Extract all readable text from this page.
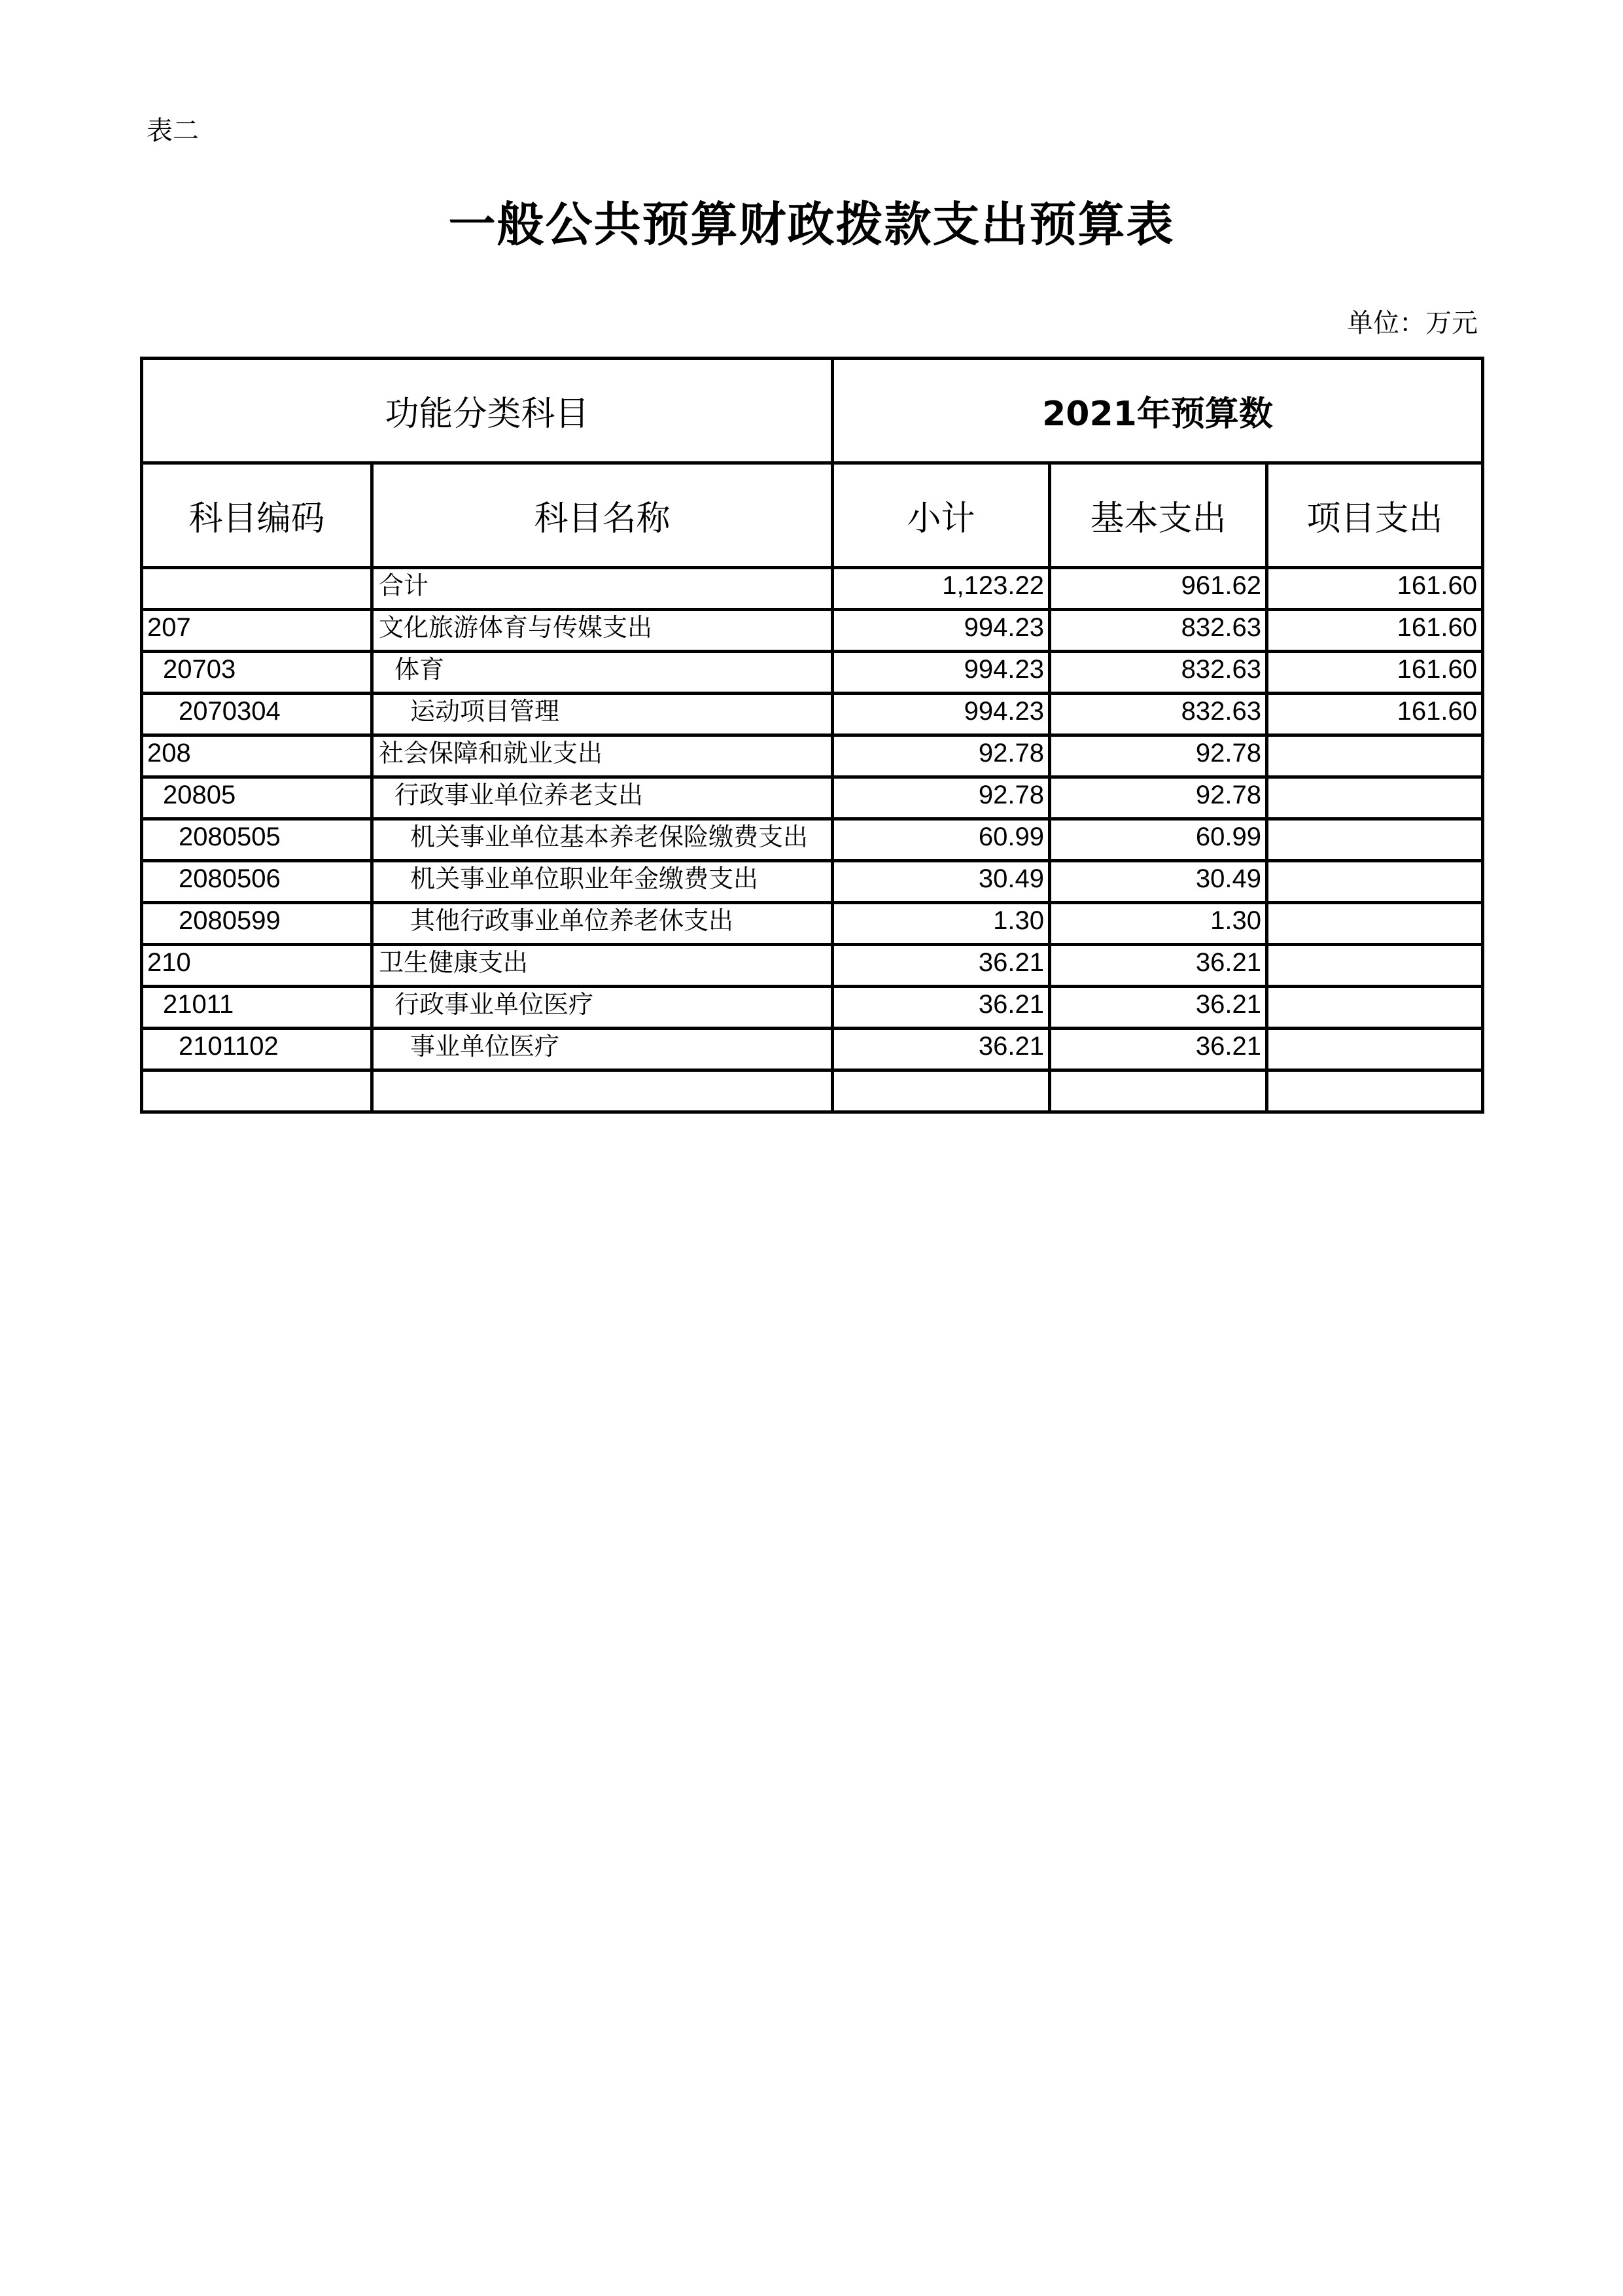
表二
一般公共预算财政拨款支出预算表
单位：万元
功能分类科目		2021年预算数		
科目编码	科目名称	小计	基本支出	项目支出
	合计	1,123.22	961.62	161.60
207	文化旅游体育与传媒支出	994.23	832.63	161.60
20703	体育	994.23	832.63	161.60
2070304	运动项目管理	994.23	832.63	161.60
208	社会保障和就业支出	92.78	92.78	
20805	行政事业单位养老支出	92.78	92.78	
2080505	机关事业单位基本养老保险缴费支出	60.99	60.99	
2080506	机关事业单位职业年金缴费支出	30.49	30.49	
2080599	其他行政事业单位养老休支出	1.30	1.30	
210	卫生健康支出	36.21	36.21	
21011	行政事业单位医疗	36.21	36.21	
2101102	事业单位医疗	36.21	36.21	
